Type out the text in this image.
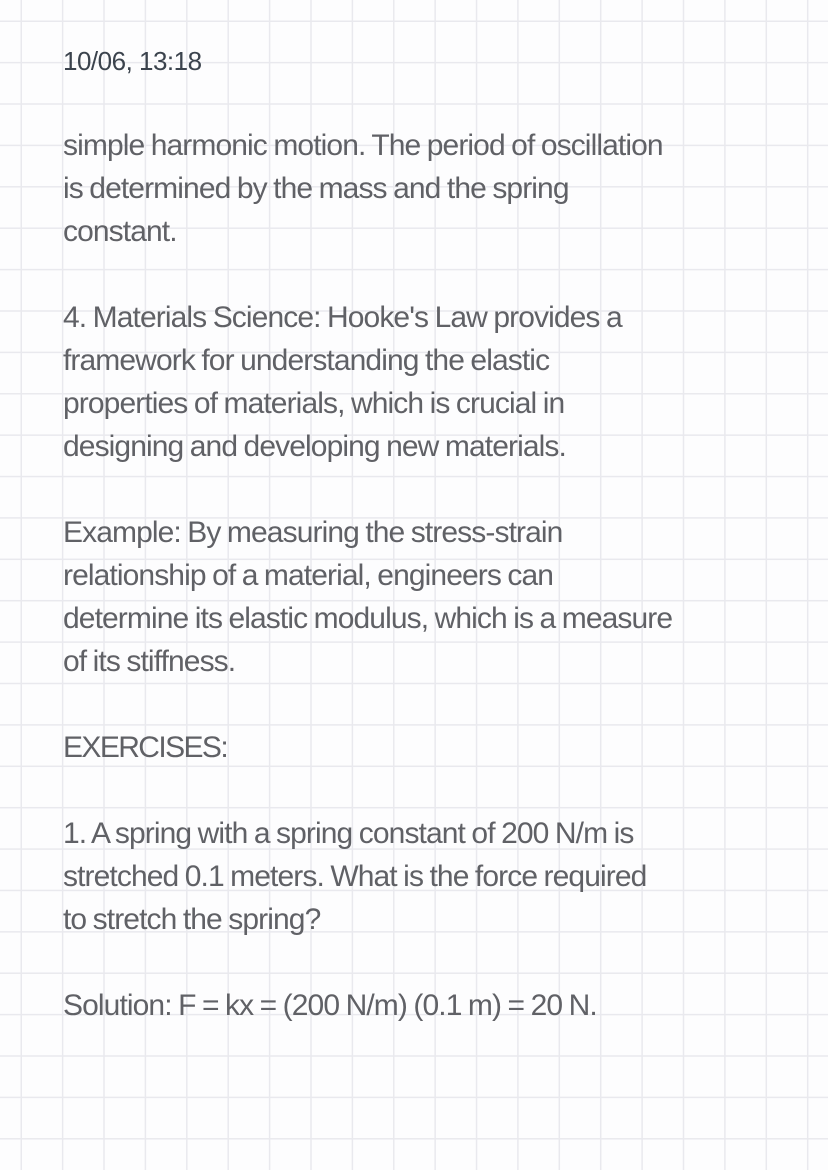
10/06, 13:18
simple harmonic motion. The period of oscillation
is determined by the mass and the spring
constant.
4. Materials Science: Hooke's Law provides a
framework for understanding the elastic
properties of materials, which is crucial in
designing and developing new materials.
Example: By measuring the stress-strain
relationship of a material, engineers can
determine its elastic modulus, which is a measure
of its stiffness.
EXERCISES:
1. A spring with a spring constant of 200 N/m is
stretched 0.1 meters. What is the force required
to stretch the spring?
Solution: F = kx = (200 N/m) (0.1 m) = 20 N.
